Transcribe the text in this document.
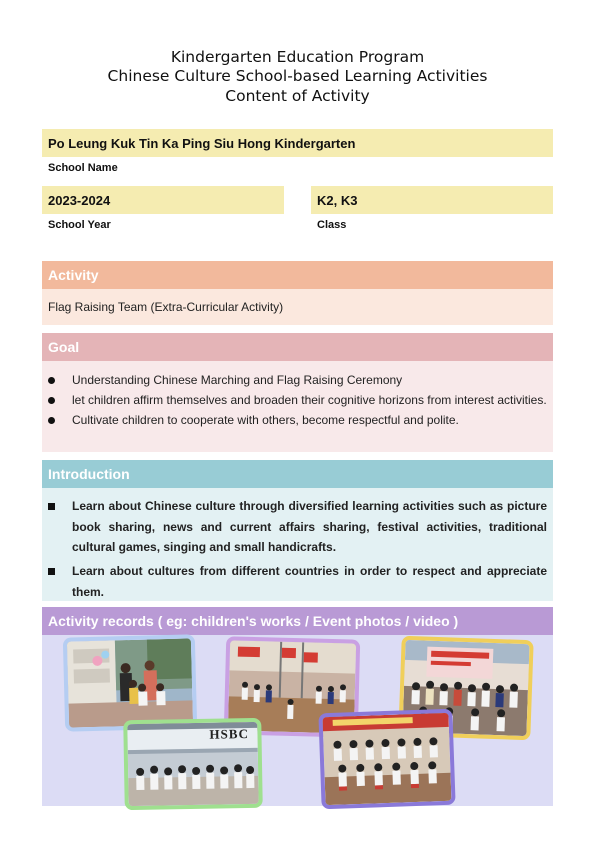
Kindergarten Education Program
Chinese Culture School-based Learning Activities
Content of Activity
Po Leung Kuk Tin Ka Ping Siu Hong Kindergarten
School Name
2023-2024
School Year
K2, K3
Class
Activity
Flag Raising Team (Extra-Curricular Activity)
Goal
Understanding Chinese Marching and Flag Raising Ceremony
let children affirm themselves and broaden their cognitive horizons from interest activities.
Cultivate children to cooperate with others, become respectful and polite.
Introduction
Learn about Chinese culture through diversified learning activities such as picture book sharing, news and current affairs sharing, festival activities, traditional cultural games, singing and small handicrafts.
Learn about cultures from different countries in order to respect and appreciate them.
Activity records ( eg: children's works / Event photos / video )
HSBC
